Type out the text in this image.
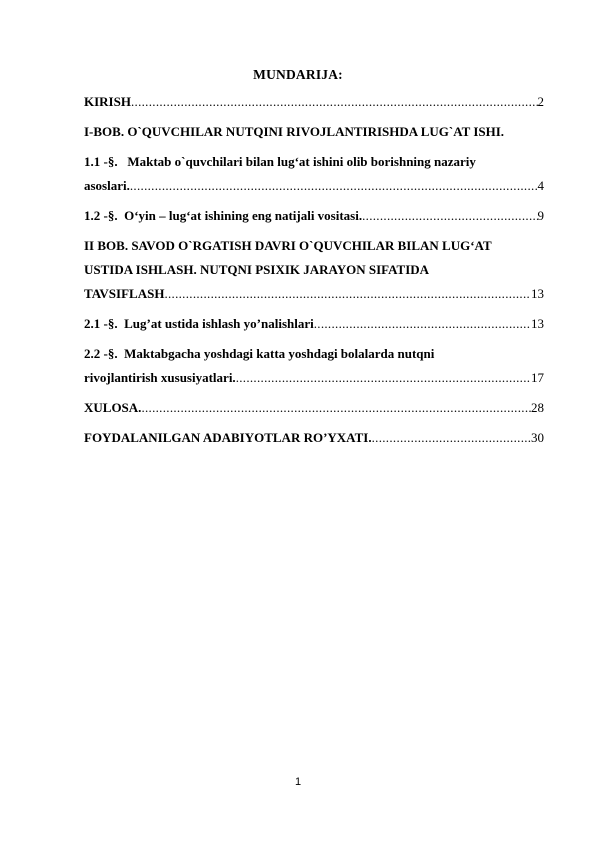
MUNDARIJA:
KIRISH .....	2
I-BOB. O`QUVCHILAR NUTQINI RIVOJLANTIRISHDA LUG`AT ISHI.
1.1 -§. Maktab o`quvchilari bilan lug‘at ishini olib borishning nazariy
asoslari. .....	4
1.2 -§.
O‘yin – lug‘at ishining eng natijali vositasi. .....	9
II BOB. SAVOD O`RGATISH DAVRI O`QUVCHILAR BILAN LUG‘AT
USTIDA ISHLASH. NUTQNI PSIXIK JARAYON SIFATIDA
TAVSIFLASH .....	13
2.1 -§.
Lug’at ustida ishlash yo’nalishlari .....	13
2.2 -§. Maktabgacha yoshdagi katta yoshdagi bolalarda nutqni
rivojlantirish xususiyatlari. .....	17
XULOSA. .....	28
FOYDALANILGAN ADABIYOTLAR RO’YXATI. .....	30
1
